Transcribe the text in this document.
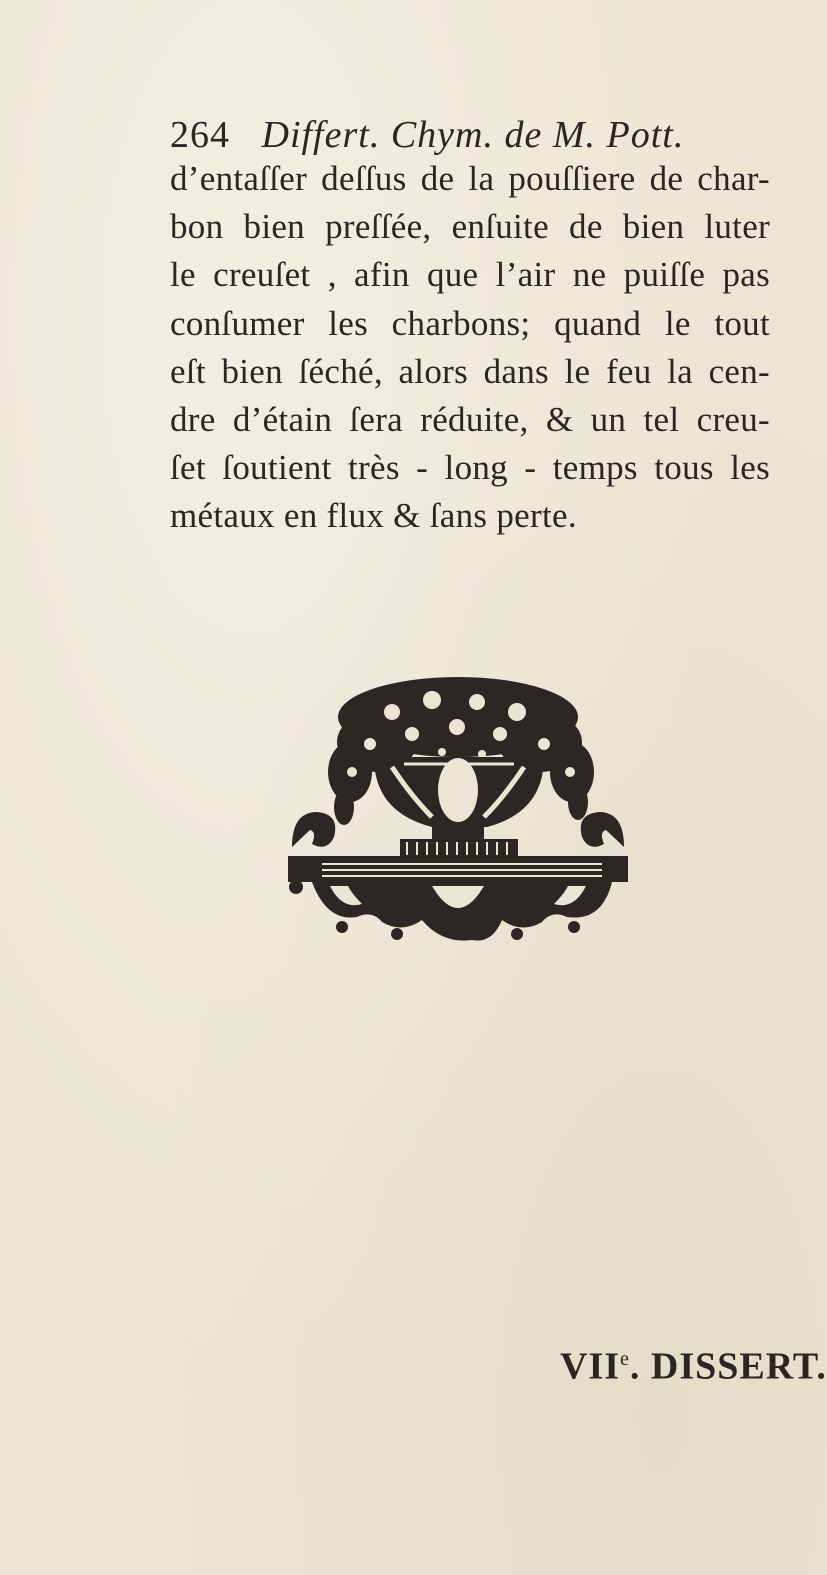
264 Differt. Chym. de M. Pott.
d’entaſſer deſſus de la pouſſiere de char-
bon bien preſſée, enſuite de bien luter
le creuſet , afin que l’air ne puiſſe pas
conſumer les charbons; quand le tout
eſt bien ſéché, alors dans le feu la cen-
dre d’étain ſera réduite, & un tel creu-
ſet ſoutient très - long - temps tous les
métaux en flux & ſans perte.
VIIe. DISSERT.
